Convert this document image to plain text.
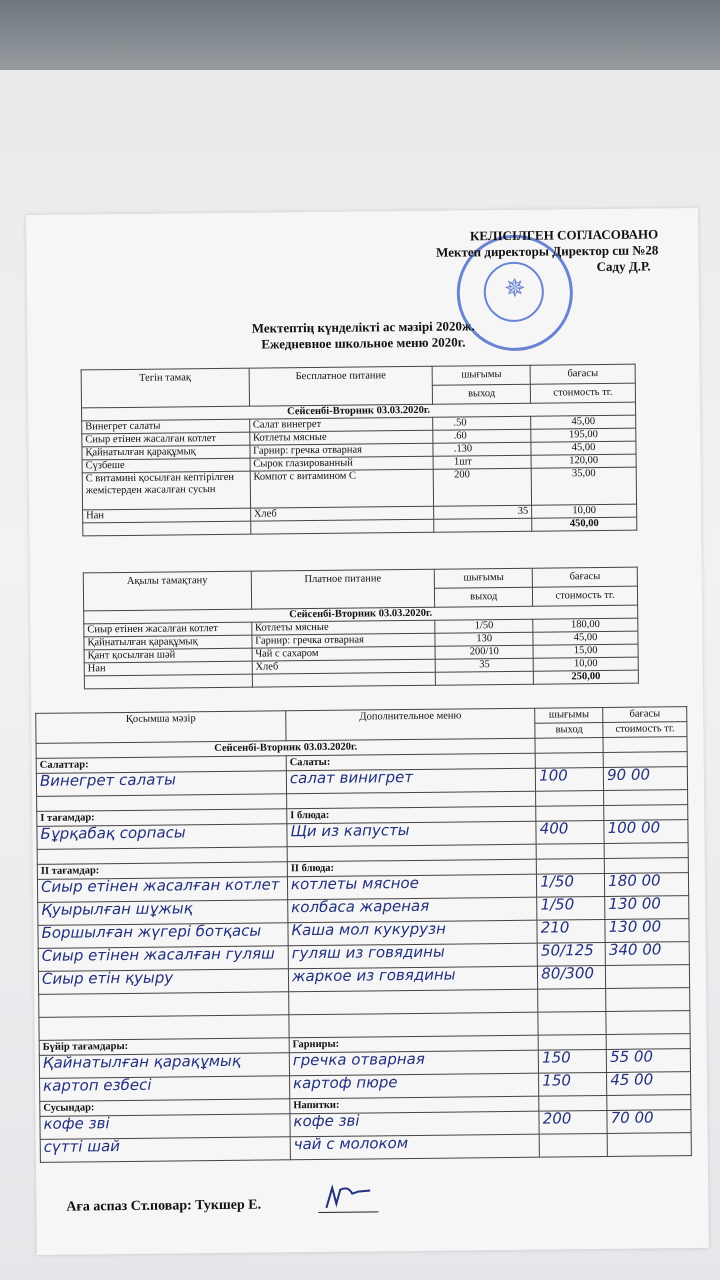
✵
КЕЛІСІЛГЕН СОГЛАСОВАНО
Мектеп директоры Директор сш №28
Саду Д.Р.
Мектептің күнделікті ас мәзірі 2020ж.
Ежедневное школьное меню 2020г.
Тегін тамақ	Бесплатное питание	шығымы	бағасы
		выход	стоимость тг.
Сейсенбі-Вторник 03.03.2020г.			
Винегрет салаты	Салат винегрет	.50	45,00
Сиыр етінен жасалған котлет	Котлеты мясные	.60	195,00
Қайнатылған қарақұмық	Гарнир: гречка отварная	.130	45,00
Сүзбеше	Сырок глазированный	1шт	120,00
С витамині қосылған кептірілген жемістерден жасалған сусын	Компот с витамином С	200	35,00
Нан	Хлеб	35	10,00
			450,00
Ақылы тамақтану	Платное питание	шығымы	бағасы
		выход	стоимость тг.
Сейсенбі-Вторник 03.03.2020г.			
Сиыр етінен жасалған котлет	Котлеты мясные	1/50	180,00
Қайнатылған қарақұмық	Гарнир: гречка отварная	130	45,00
Қант қосылған шәй	Чай с сахаром	200/10	15,00
Нан	Хлеб	35	10,00
			250,00
Қосымша мәзір	Дополнительное меню	шығымы	бағасы
		выход	стоимость тг.
Сейсенбі-Вторник 03.03.2020г.			
Салаттар:	Салаты:		
Винегрет салаты	салат винигрет	100	90 00

I тағамдар:	I блюда:		
Бұрқабақ сорпасы	Щи из капусты	400	100 00

II тағамдар:	II блюда:		
Сиыр етінен жасалған котлет	котлеты мясное	1/50	180 00
Қуырылған шұжық	колбаса жареная	1/50	130 00
Боршылған жүгері ботқасы	Каша мол кукурузн	210	130 00
Сиыр етінен жасалған гуляш	гуляш из говядины	50/125	340 00
Сиыр етін қуыру	жаркое из говядины	80/300	

Бүйір тағамдары:	Гарниры:		
Қайнатылған қарақұмық	гречка отварная	150	55 00
картоп езбесі	картоф пюре	150	45 00
Сусындар:	Напитки:		
кофе зві	кофе зві	200	70 00
сүтті шай	чай с молоком		
Аға аспаз Ст.повар: Тукшер Е.
